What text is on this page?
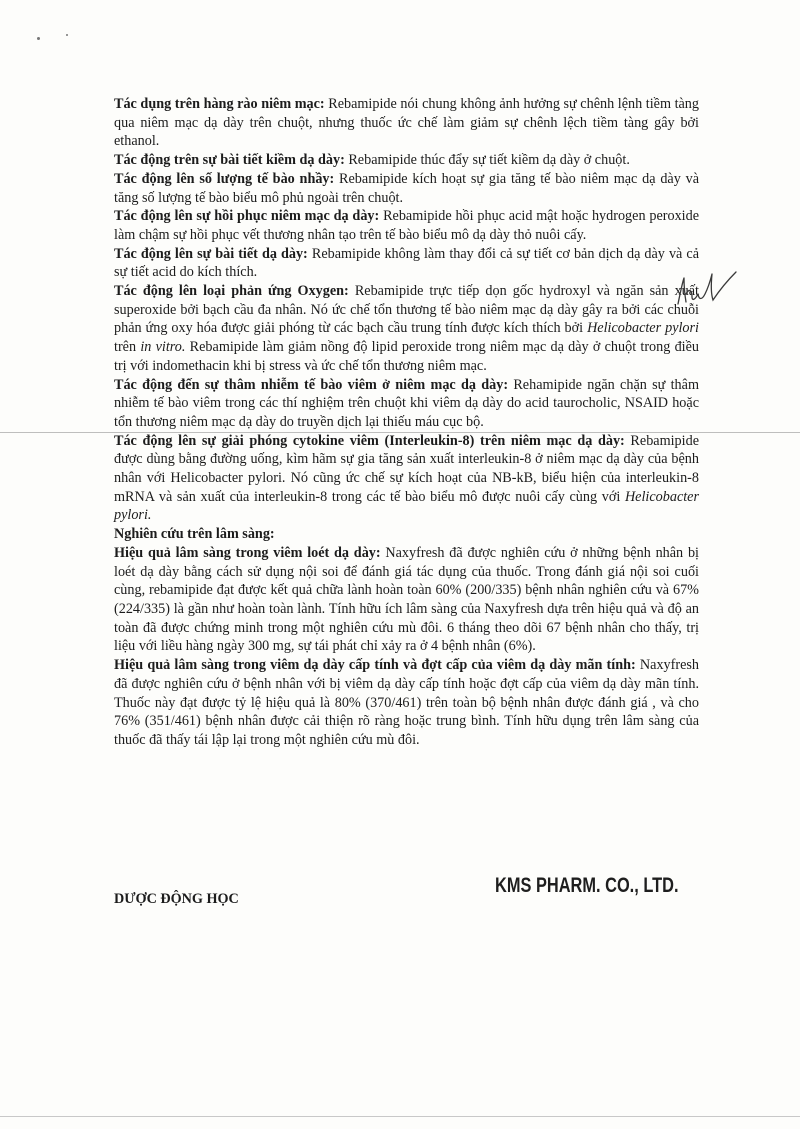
Tác dụng trên hàng rào niêm mạc: Rebamipide nói chung không ảnh hưởng sự chênh lệnh tiềm tàng qua niêm mạc dạ dày trên chuột, nhưng thuốc ức chế làm giảm sự chênh lệch tiềm tàng gây bởi ethanol.

Tác động trên sự bài tiết kiềm dạ dày: Rebamipide thúc đẩy sự tiết kiềm dạ dày ở chuột.

Tác động lên số lượng tế bào nhầy: Rebamipide kích hoạt sự gia tăng tế bào niêm mạc dạ dày và tăng số lượng tế bào biểu mô phủ ngoài trên chuột.

Tác động lên sự hồi phục niêm mạc dạ dày: Rebamipide hồi phục acid mật hoặc hydrogen peroxide làm chậm sự hồi phục vết thương nhân tạo trên tế bào biểu mô dạ dày thỏ nuôi cấy.

Tác động lên sự bài tiết dạ dày: Rebamipide không làm thay đổi cả sự tiết cơ bản dịch dạ dày và cả sự tiết acid do kích thích.

Tác động lên loại phản ứng Oxygen: Rebamipide trực tiếp dọn gốc hydroxyl và ngăn sản xuất superoxide bởi bạch cầu đa nhân. Nó ức chế tổn thương tế bào niêm mạc dạ dày gây ra bởi các chuỗi phản ứng oxy hóa được giải phóng từ các bạch cầu trung tính được kích thích bởi Helicobacter pylori trên in vitro. Rebamipide làm giảm nồng độ lipid peroxide trong niêm mạc dạ dày ở chuột trong điều trị với indomethacin khi bị stress và ức chế tổn thương niêm mạc.

Tác động đến sự thâm nhiễm tế bào viêm ở niêm mạc dạ dày: Rehamipide ngăn chặn sự thâm nhiễm tế bào viêm trong các thí nghiệm trên chuột khi viêm dạ dày do acid taurocholic, NSAID hoặc tổn thương niêm mạc dạ dày do truyền dịch lại thiếu máu cục bộ.

Tác động lên sự giải phóng cytokine viêm (Interleukin-8) trên niêm mạc dạ dày: Rebamipide được dùng bằng đường uống, kìm hãm sự gia tăng sản xuất interleukin-8 ở niêm mạc dạ dày của bệnh nhân với Helicobacter pylori. Nó cũng ức chế sự kích hoạt của NB-kB, biểu hiện của interleukin-8 mRNA và sản xuất của interleukin-8 trong các tế bào biểu mô được nuôi cấy cùng với Helicobacter pylori.

Nghiên cứu trên lâm sàng:

Hiệu quả lâm sàng trong viêm loét dạ dày: Naxyfresh đã được nghiên cứu ở những bệnh nhân bị loét dạ dày bằng cách sử dụng nội soi để đánh giá tác dụng của thuốc. Trong đánh giá nội soi cuối cùng, rebamipide đạt được kết quả chữa lành hoàn toàn 60% (200/335) bệnh nhân nghiên cứu và 67% (224/335) là gần như hoàn toàn lành. Tính hữu ích lâm sàng của Naxyfresh dựa trên hiệu quả và độ an toàn đã được chứng minh trong một nghiên cứu mù đôi. 6 tháng theo dõi 67 bệnh nhân cho thấy, trị liệu với liều hàng ngày 300 mg, sự tái phát chỉ xảy ra ở 4 bệnh nhân (6%).

Hiệu quả lâm sàng trong viêm dạ dày cấp tính và đợt cấp của viêm dạ dày mãn tính: Naxyfresh đã được nghiên cứu ở bệnh nhân với bị viêm dạ dày cấp tính hoặc đợt cấp của viêm dạ dày mãn tính. Thuốc này đạt được tỷ lệ hiệu quả là 80% (370/461) trên toàn bộ bệnh nhân được đánh giá , và cho 76% (351/461) bệnh nhân được cải thiện rõ ràng hoặc trung bình. Tính hữu dụng trên lâm sàng của thuốc đã thấy tái lập lại trong một nghiên cứu mù đôi.

KMS PHARM. CO., LTD.
DƯỢC ĐỘNG HỌC
